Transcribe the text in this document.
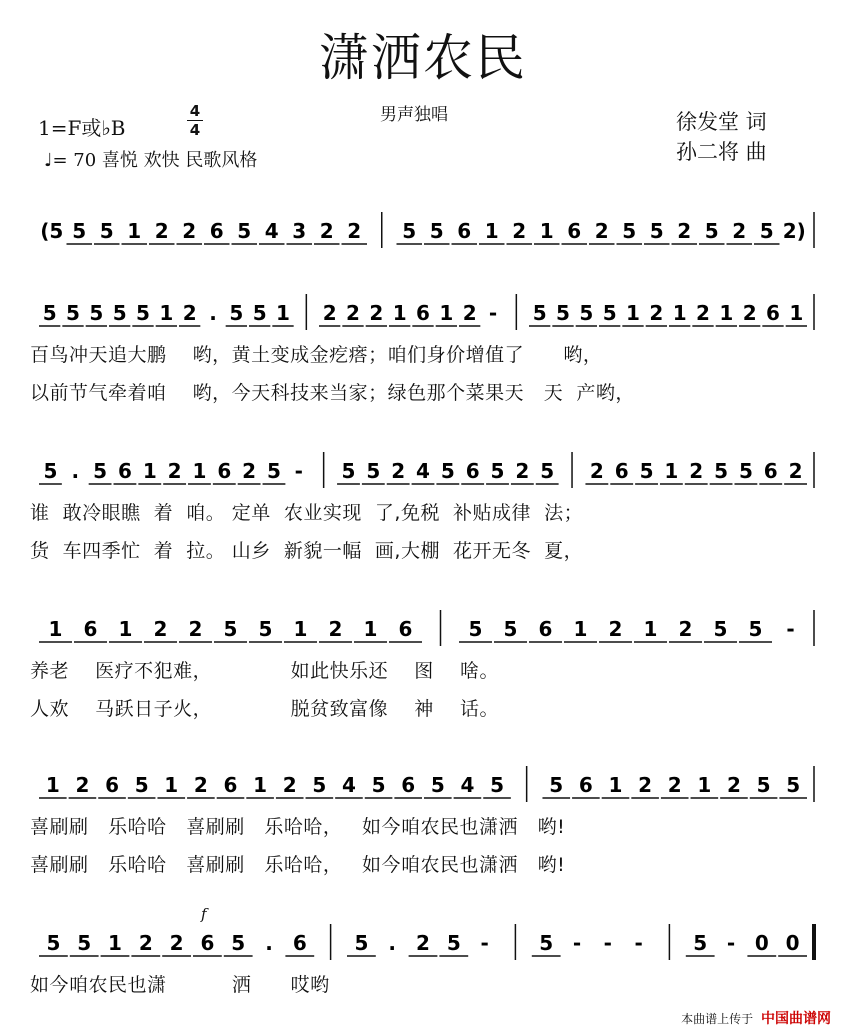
潇洒农民
男声独唱
1=F或♭B
4
4
♩= 70 喜悦 欢快 民歌风格
徐发堂 词
孙二将 曲
(5 5 5 1 2 2 6 5 4 3 2 2 5 5 6 1 2 1 6 2 5 5 2 5 2 5 2)
5 5 5 5 5 1 2 . 5 5 1 2 2 2 1 6 1 2 - 5 5 5 5 1 2 1 2 1 2 6 1
百鸟冲天追大鹏    哟，黄土变成金疙瘩；咱们身价增值了      哟，
以前节气牵着咱    哟，今天科技来当家；绿色那个菜果天   天  产哟，
5 . 5 6 1 2 1 6 2 5 - 5 5 2 4 5 6 5 2 5 2 6 5 1 2 5 5 6 2
谁  敢冷眼瞧  着  咱。 定单  农业实现  了,免税  补贴成律  法；
货  车四季忙  着  拉。 山乡  新貌一幅  画,大棚  花开无冬  夏，
1 6 1 2 2 5 5 1 2 1 6	5 5 6 1 2 1 2 5 5 -
养老    医疗不犯难，            如此快乐还    图    啥。
人欢    马跃日子火，            脱贫致富像    神    话。
1 2 6 5 1 2 6 1 2 5 4 5 6 5 4 5 5 6 1 2 2 1 2 5 5
喜刷刷   乐哈哈   喜刷刷   乐哈哈，   如今咱农民也潇洒   哟!
喜刷刷   乐哈哈   喜刷刷   乐哈哈，   如今咱农民也潇洒   哟!
5 5 1 2 2 6 5 . 6 5 . 2 5 -	5 - - -	5 - 0 0
如今咱农民也潇          洒      哎哟
f
本曲谱上传于 中国曲谱网
